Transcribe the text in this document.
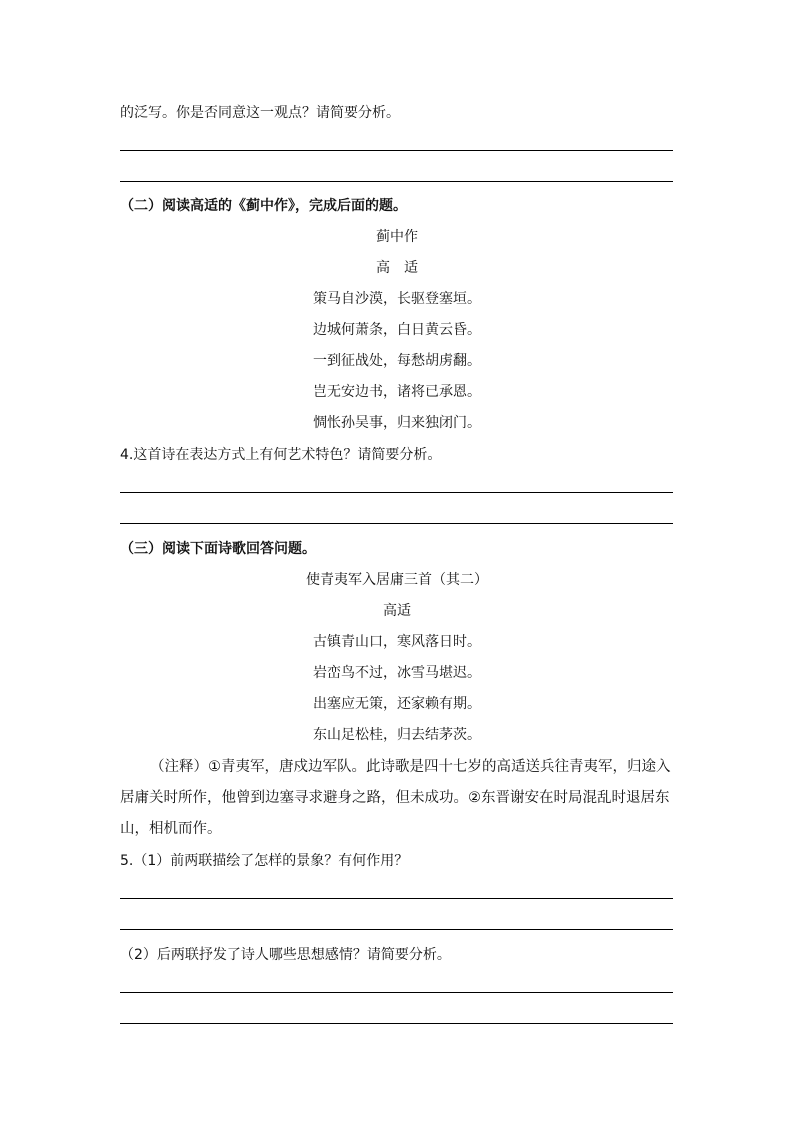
的泛写。你是否同意这一观点？请简要分析。
（二）阅读高适的《蓟中作》，完成后面的题。
蓟中作
高　适
策马自沙漠，长驱登塞垣。
边城何萧条，白日黄云昏。
一到征战处，每愁胡虏翻。
岂无安边书，诸将已承恩。
惆怅孙吴事，归来独闭门。
4.这首诗在表达方式上有何艺术特色？请简要分析。
（三）阅读下面诗歌回答问题。
使青夷军入居庸三首（其二）
高适
古镇青山口，寒风落日时。
岩峦鸟不过，冰雪马堪迟。
出塞应无策，还家赖有期。
东山足松桂，归去结茅茨。
（注释）①青夷军，唐戍边军队。此诗歌是四十七岁的高适送兵往青夷军，归途入居庸关时所作，他曾到边塞寻求避身之路，但未成功。②东晋谢安在时局混乱时退居东山，相机而作。
5.（1）前两联描绘了怎样的景象？有何作用？
（2）后两联抒发了诗人哪些思想感情？请简要分析。
